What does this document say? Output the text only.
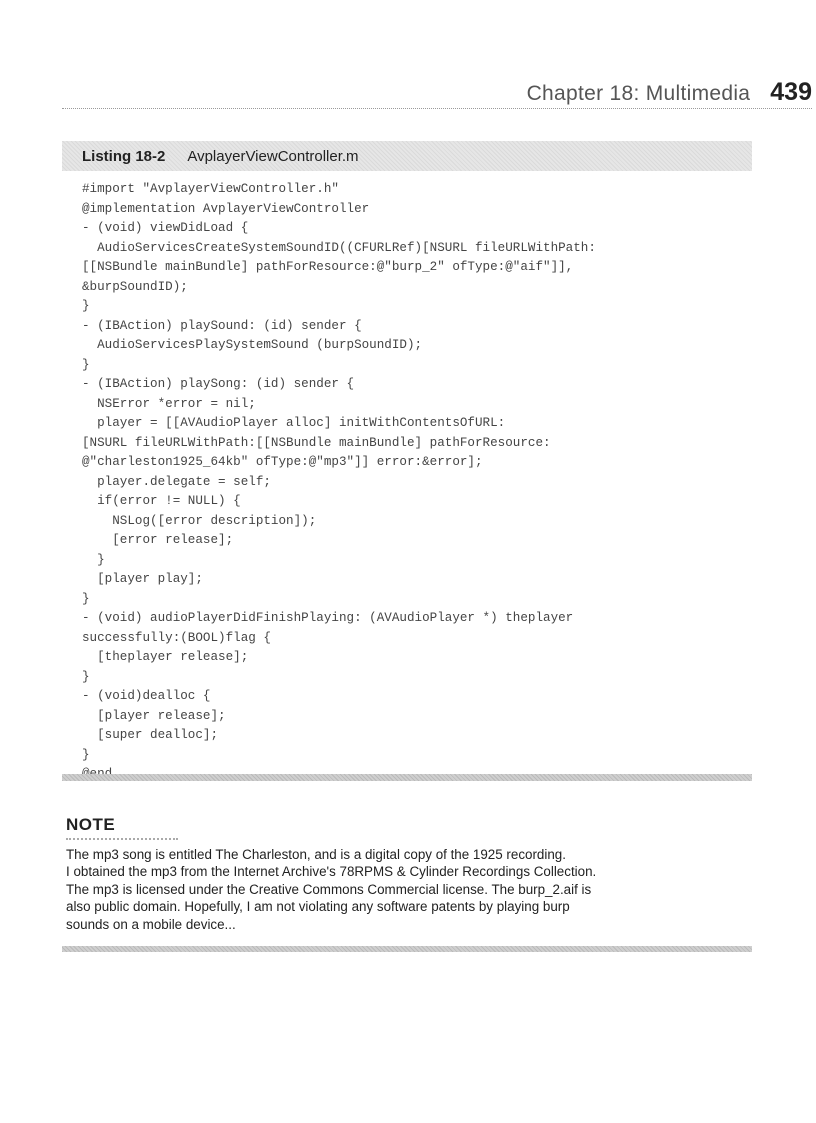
Chapter 18: Multimedia 439
Listing 18-2 AvplayerViewController.m
#import "AvplayerViewController.h"
@implementation AvplayerViewController
- (void) viewDidLoad {
AudioServicesCreateSystemSoundID((CFURLRef)[NSURL fileURLWithPath:
[[NSBundle mainBundle] pathForResource:@"burp_2" ofType:@"aif"]],
&burpSoundID);
}
- (IBAction) playSound: (id) sender {
AudioServicesPlaySystemSound (burpSoundID);
}
- (IBAction) playSong: (id) sender {
NSError *error = nil;
player = [[AVAudioPlayer alloc] initWithContentsOfURL:
[NSURL fileURLWithPath:[[NSBundle mainBundle] pathForResource:
@"charleston1925_64kb" ofType:@"mp3"]] error:&error];
player.delegate = self;
if(error != NULL) {
NSLog([error description]);
[error release];
}
[player play];
}
- (void) audioPlayerDidFinishPlaying: (AVAudioPlayer *) theplayer
successfully:(BOOL)flag {
[theplayer release];
}
- (void)dealloc {
[player release];
[super dealloc];
}
NOTE

The mp3 song is entitled The Charleston, and is a digital copy of the 1925 recording.
I obtained the mp3 from the Internet Archive's 78RPMS & Cylinder Recordings Collection.
The mp3 is licensed under the Creative Commons Commercial license. The burp_2.aif is
also public domain. Hopefully, I am not violating any software patents by playing burp
sounds on a mobile device...
